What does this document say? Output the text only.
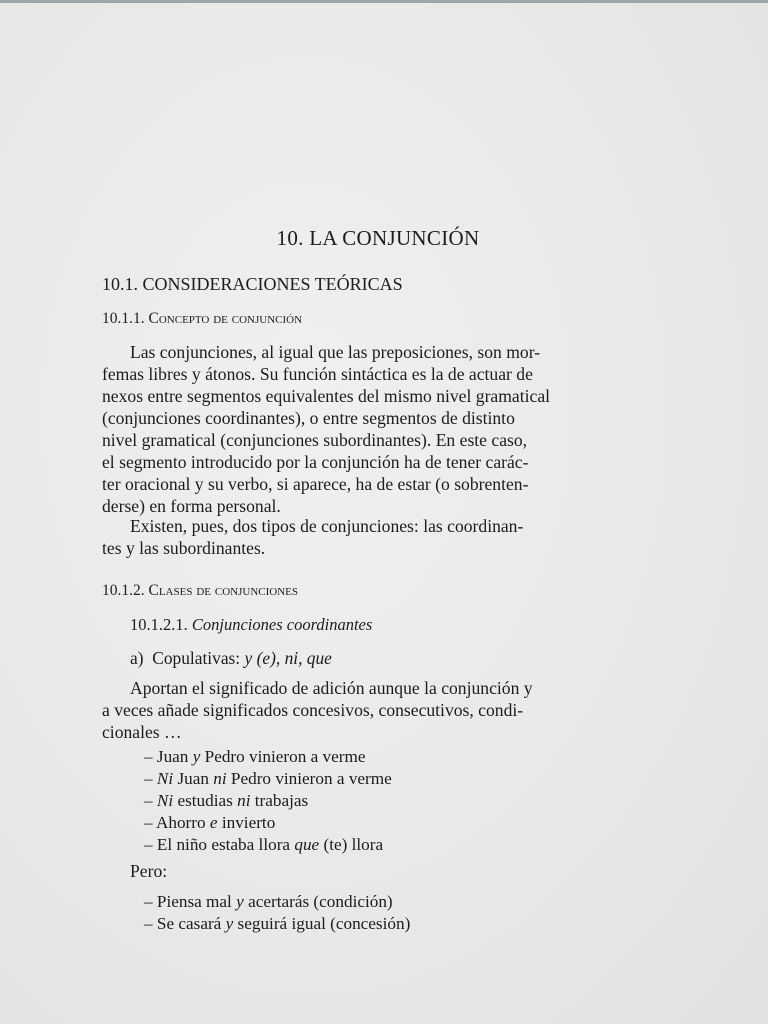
10. LA CONJUNCIÓN
10.1. CONSIDERACIONES TEÓRICAS
10.1.1. Concepto de conjunción
Las conjunciones, al igual que las preposiciones, son mor-
femas libres y átonos. Su función sintáctica es la de actuar de
nexos entre segmentos equivalentes del mismo nivel gramatical
(conjunciones coordinantes), o entre segmentos de distinto
nivel gramatical (conjunciones subordinantes). En este caso,
el segmento introducido por la conjunción ha de tener carác-
ter oracional y su verbo, si aparece, ha de estar (o sobrenten-
derse) en forma personal.
Existen, pues, dos tipos de conjunciones: las coordinan-
tes y las subordinantes.
10.1.2. Clases de conjunciones
10.1.2.1. Conjunciones coordinantes
a) Copulativas: y (e), ni, que
Aportan el significado de adición aunque la conjunción y
a veces añade significados concesivos, consecutivos, condi-
cionales …
– Juan y Pedro vinieron a verme
– Ni Juan ni Pedro vinieron a verme
– Ni estudias ni trabajas
– Ahorro e invierto
– El niño estaba llora que (te) llora
Pero:
– Piensa mal y acertarás (condición)
– Se casará y seguirá igual (concesión)
